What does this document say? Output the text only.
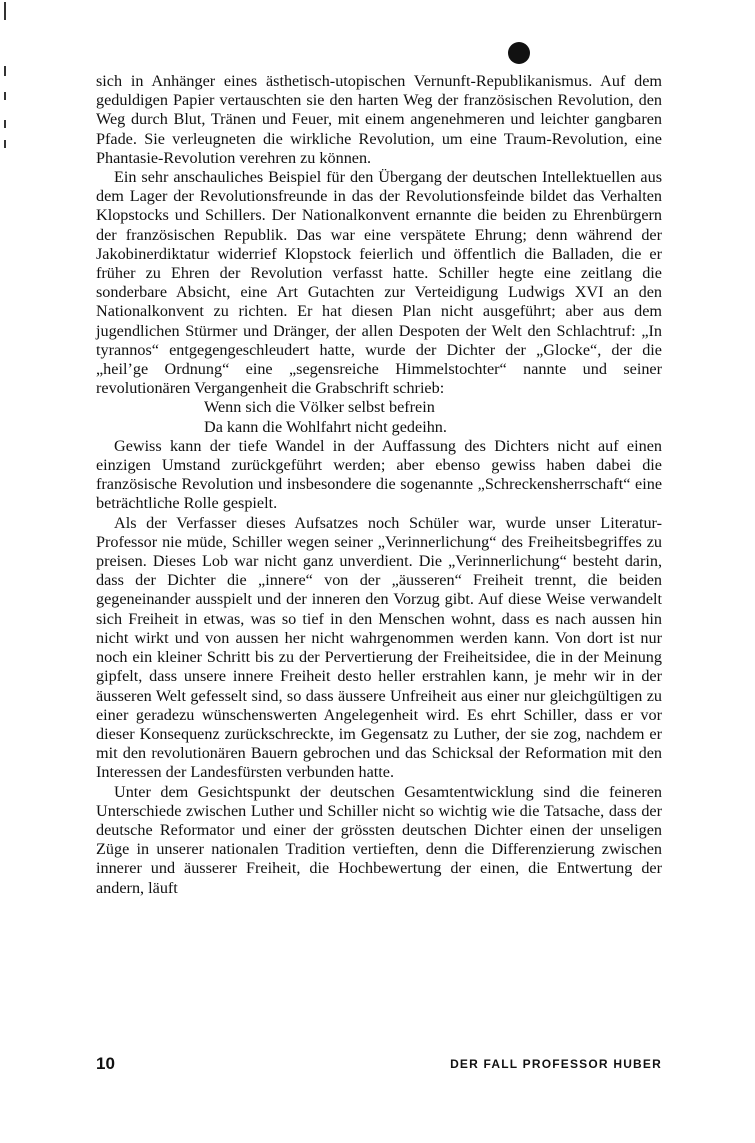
sich in Anhänger eines ästhetisch-utopischen Vernunft-Republikanismus. Auf dem geduldigen Papier vertauschten sie den harten Weg der französischen Revolution, den Weg durch Blut, Tränen und Feuer, mit einem angenehmeren und leichter gangbaren Pfade. Sie verleugneten die wirkliche Revolution, um eine Traum-Revolution, eine Phantasie-Revolution verehren zu können.

Ein sehr anschauliches Beispiel für den Übergang der deutschen Intellektuellen aus dem Lager der Revolutionsfreunde in das der Revolutionsfeinde bildet das Verhalten Klopstocks und Schillers. Der Nationalkonvent ernannte die beiden zu Ehrenbürgern der französischen Republik. Das war eine verspätete Ehrung; denn während der Jakobinerdiktatur widerrief Klopstock feierlich und öffentlich die Balladen, die er früher zu Ehren der Revolution verfasst hatte. Schiller hegte eine zeitlang die sonderbare Absicht, eine Art Gutachten zur Verteidigung Ludwigs XVI an den Nationalkonvent zu richten. Er hat diesen Plan nicht ausgeführt; aber aus dem jugendlichen Stürmer und Dränger, der allen Despoten der Welt den Schlachtruf: „In tyrannos“ entgegengeschleudert hatte, wurde der Dichter der „Glocke“, der die „heil’ge Ordnung“ eine „segensreiche Himmelstochter“ nannte und seiner revolutionären Vergangenheit die Grabschrift schrieb:

Wenn sich die Völker selbst befrein
Da kann die Wohlfahrt nicht gedeihn.

Gewiss kann der tiefe Wandel in der Auffassung des Dichters nicht auf einen einzigen Umstand zurückgeführt werden; aber ebenso gewiss haben dabei die französische Revolution und insbesondere die sogenannte „Schreckensherrschaft“ eine beträchtliche Rolle gespielt.

Als der Verfasser dieses Aufsatzes noch Schüler war, wurde unser Literatur-Professor nie müde, Schiller wegen seiner „Verinnerlichung“ des Freiheitsbegriffes zu preisen. Dieses Lob war nicht ganz unverdient. Die „Verinnerlichung“ besteht darin, dass der Dichter die „innere“ von der „äusseren“ Freiheit trennt, die beiden gegeneinander ausspielt und der inneren den Vorzug gibt. Auf diese Weise verwandelt sich Freiheit in etwas, was so tief in den Menschen wohnt, dass es nach aussen hin nicht wirkt und von aussen her nicht wahrgenommen werden kann. Von dort ist nur noch ein kleiner Schritt bis zu der Pervertierung der Freiheitsidee, die in der Meinung gipfelt, dass unsere innere Freiheit desto heller erstrahlen kann, je mehr wir in der äusseren Welt gefesselt sind, so dass äussere Unfreiheit aus einer nur gleichgültigen zu einer geradezu wünschenswerten Angelegenheit wird. Es ehrt Schiller, dass er vor dieser Konsequenz zurückschreckte, im Gegensatz zu Luther, der sie zog, nachdem er mit den revolutionären Bauern gebrochen und das Schicksal der Reformation mit den Interessen der Landesfürsten verbunden hatte.

Unter dem Gesichtspunkt der deutschen Gesamtentwicklung sind die feineren Unterschiede zwischen Luther und Schiller nicht so wichtig wie die Tatsache, dass der deutsche Reformator und einer der grössten deutschen Dichter einen der unseligen Züge in unserer nationalen Tradition vertieften, denn die Differenzierung zwischen innerer und äusserer Freiheit, die Hochbewertung der einen, die Entwertung der andern, läuft

10	DER FALL PROFESSOR HUBER
